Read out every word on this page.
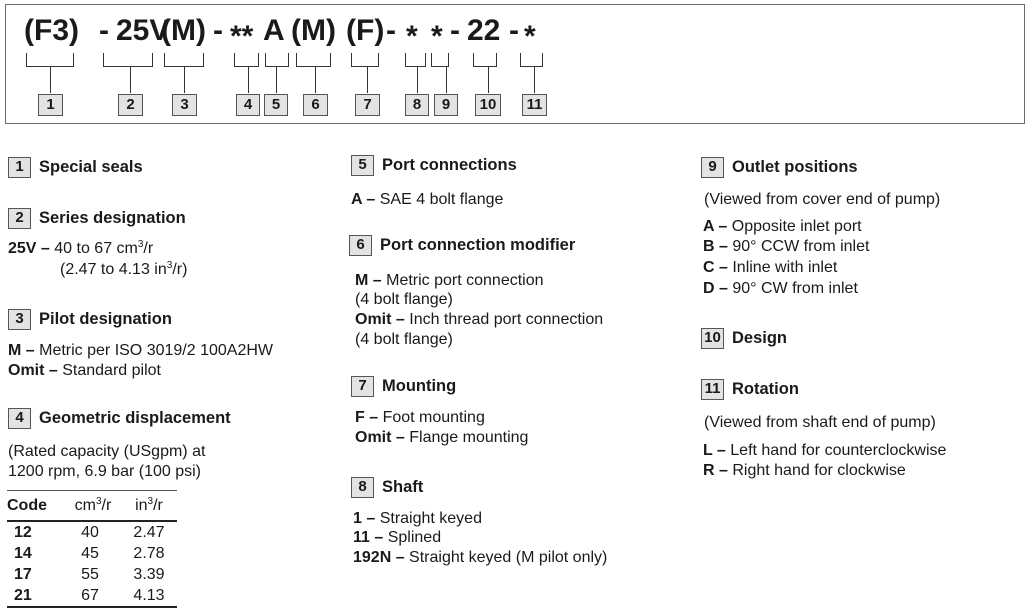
(F3) - 25V
(M) - ** A (M) (F) - * * - 22 - *
1	2	3	4	5	6	7	8	9	10	11
1 Special seals
2 Series designation
25V – 40 to 67 $cm^3/r$
(2.47 to 4.13 $in^3/r$)
3 Pilot designation
M – Metric per ISO 3019/2 100A2HW
Omit – Standard pilot
4 Geometric displacement
(Rated capacity (USgpm) at
1200 rpm, 6.9 bar (100 psi)
Code	$cm^3/r$	$in^3/r$
12	40	2.47
14	45	2.78
17	55	3.39
21	67	4.13
5 Port connections
A – SAE 4 bolt flange
6 Port connection modifier
M – Metric port connection
(4 bolt flange)
Omit – Inch thread port connection
(4 bolt flange)
7 Mounting
F – Foot mounting
Omit – Flange mounting
8 Shaft
1 – Straight keyed
11 – Splined
192N – Straight keyed (M pilot only)
9 Outlet positions
(Viewed from cover end of pump)
A – Opposite inlet port
B – 90° CCW from inlet
C – Inline with inlet
D – 90° CW from inlet
10 Design
11 Rotation
(Viewed from shaft end of pump)
L – Left hand for counterclockwise
R – Right hand for clockwise
